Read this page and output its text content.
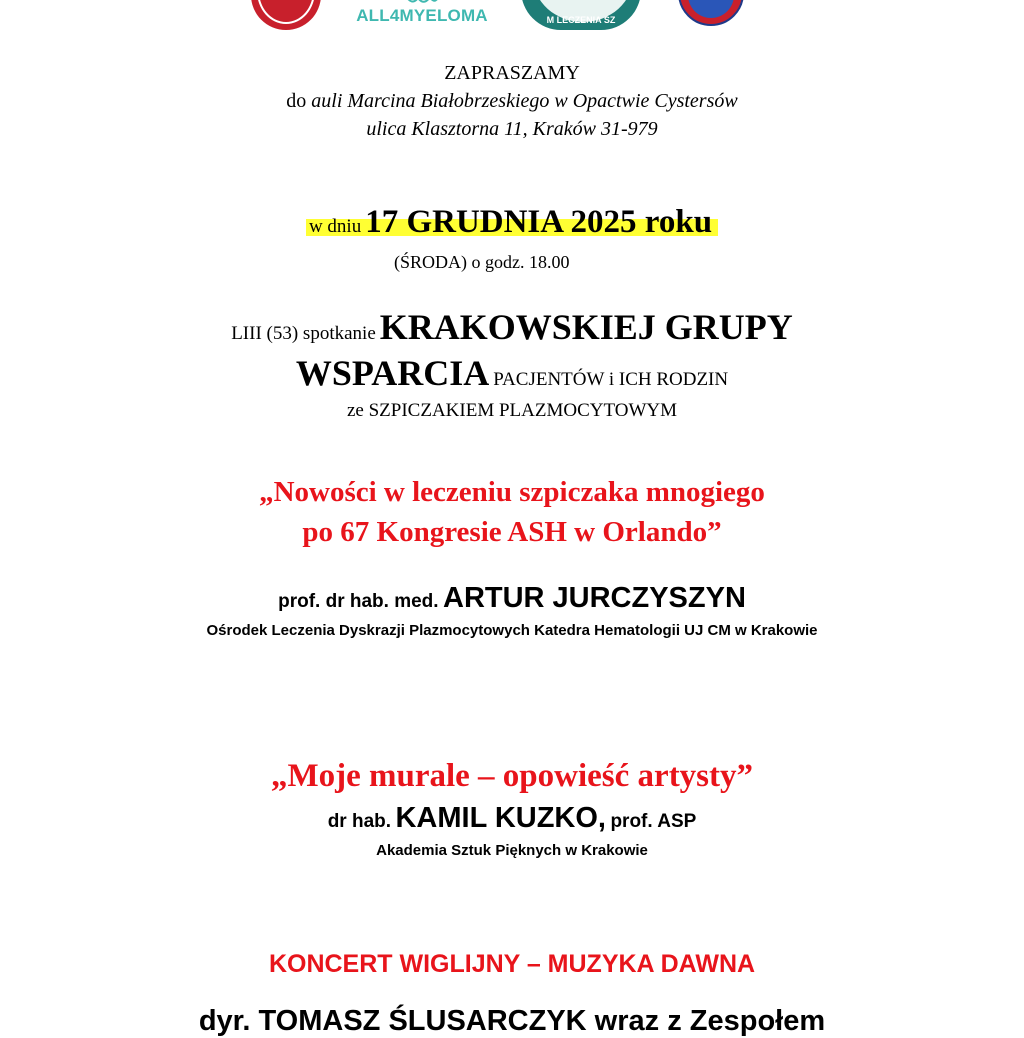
ALL4MYELOMA	M LECZENIA SZ
ZAPRASZAMY
do auli Marcina Białobrzeskiego w Opactwie Cystersów
ulica Klasztorna 11, Kraków 31-979
w dniu 17 GRUDNIA 2025 roku
(ŚRODA) o godz. 18.00
LIII (53) spotkanie KRAKOWSKIEJ GRUPY
WSPARCIA PACJENTÓW i ICH RODZIN
ze SZPICZAKIEM PLAZMOCYTOWYM
„Nowości w leczeniu szpiczaka mnogiego
po 67 Kongresie ASH w Orlando”
prof. dr hab. med. ARTUR JURCZYSZYN
Ośrodek Leczenia Dyskrazji Plazmocytowych Katedra Hematologii UJ CM w Krakowie
„Moje murale – opowieść artysty”
dr hab. KAMIL KUZKO, prof. ASP
Akademia Sztuk Pięknych w Krakowie
KONCERT WIGLIJNY – MUZYKA DAWNA
dyr. TOMASZ ŚLUSARCZYK wraz z Zespołem
